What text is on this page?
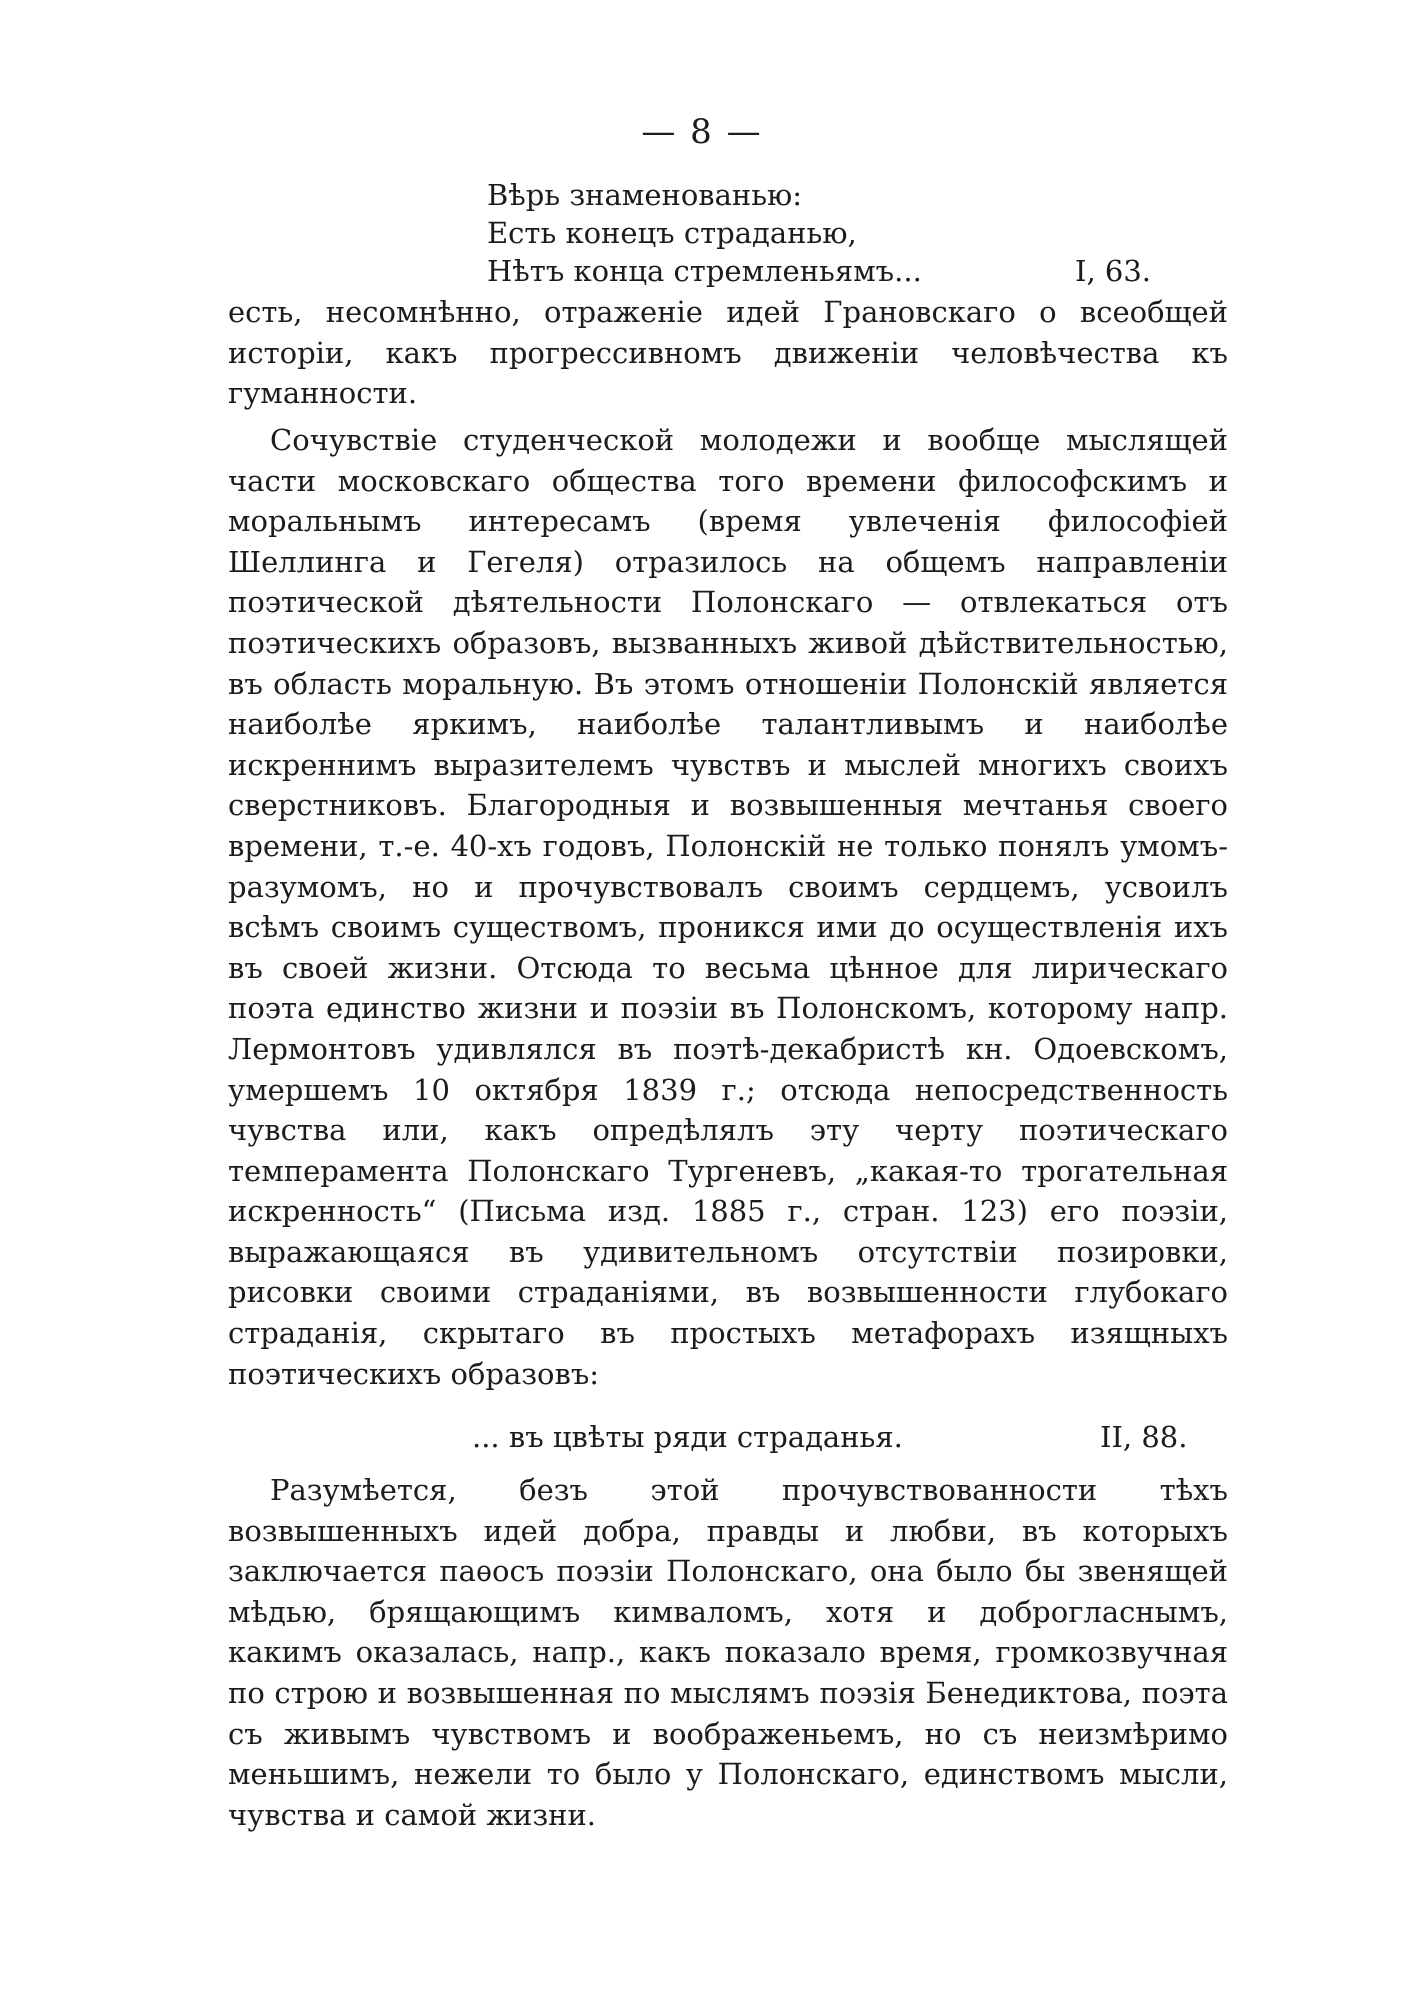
— 8 —
Вѣрь знаменованью:
Есть конецъ страданью,
Нѣтъ конца стремленьямъ...	I, 63.

есть, несомнѣнно, отраженіе идей Грановскаго о всеобщей исторіи, какъ прогрессивномъ движеніи человѣчества къ гуманности.

Сочувствіе студенческой молодежи и вообще мыслящей части московскаго общества того времени философскимъ и моральнымъ интересамъ (время увлеченія философіей Шеллинга и Гегеля) отразилось на общемъ направленіи поэтической дѣятельности Полонскаго — отвлекаться отъ поэтическихъ образовъ, вызванныхъ живой дѣйствительностью, въ область моральную. Въ этомъ отношеніи Полонскій является наиболѣе яркимъ, наиболѣе талантливымъ и наиболѣе искреннимъ выразителемъ чувствъ и мыслей многихъ своихъ сверстниковъ. Благородныя и возвышенныя мечтанья своего времени, т.-е. 40-хъ годовъ, Полонскій не только понялъ умомъ-разумомъ, но и прочувствовалъ своимъ сердцемъ, усвоилъ всѣмъ своимъ существомъ, проникся ими до осуществленія ихъ въ своей жизни. Отсюда то весьма цѣнное для лирическаго поэта единство жизни и поэзіи въ Полонскомъ, которому напр. Лермонтовъ удивлялся въ поэтѣ-декабристѣ кн. Одоевскомъ, умершемъ 10 октября 1839 г.; отсюда непосредственность чувства или, какъ опредѣлялъ эту черту поэтическаго темперамента Полонскаго Тургеневъ, „какая-то трогательная искренность“ (Письма изд. 1885 г., стран. 123) его поэзіи, выражающаяся въ удивительномъ отсутствіи позировки, рисовки своими страданіями, въ возвышенности глубокаго страданія, скрытаго въ простыхъ метафорахъ изящныхъ поэтическихъ образовъ:

... въ цвѣты ряди страданья.	II, 88.

Разумѣется, безъ этой прочувствованности тѣхъ возвышенныхъ идей добра, правды и любви, въ которыхъ заключается паѳосъ поэзіи Полонскаго, она было бы звенящей мѣдью, брящающимъ кимваломъ, хотя и доброгласнымъ, какимъ оказалась, напр., какъ показало время, громкозвучная по строю и возвышенная по мыслямъ поэзія Бенедиктова, поэта съ живымъ чувствомъ и воображеньемъ, но съ неизмѣримо меньшимъ, нежели то было у Полонскаго, единствомъ мысли, чувства и самой жизни.
